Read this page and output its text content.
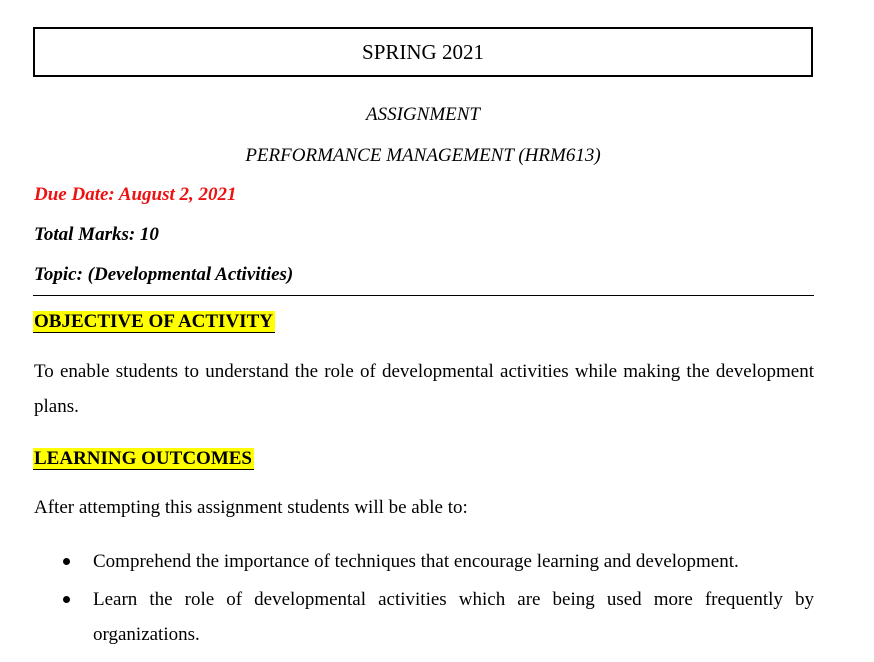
SPRING 2021
ASSIGNMENT
PERFORMANCE MANAGEMENT (HRM613)
Due Date: August 2, 2021
Total Marks: 10
Topic: (Developmental Activities)
OBJECTIVE OF ACTIVITY
To enable students to understand the role of developmental activities while making the development plans.
LEARNING OUTCOMES
After attempting this assignment students will be able to:
Comprehend the importance of techniques that encourage learning and development.
Learn the role of developmental activities which are being used more frequently by organizations.
